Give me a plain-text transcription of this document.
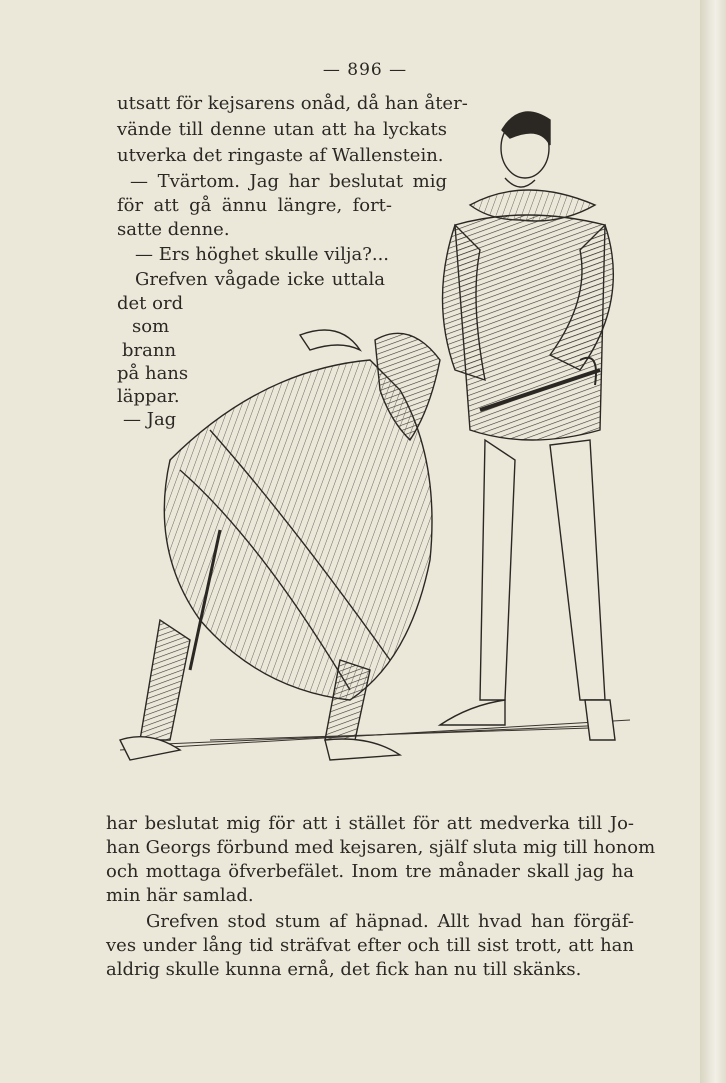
— 896 —
utsatt för kejsarens onåd, då han åter-
vände till denne utan att ha lyckats
utverka det ringaste af Wallenstein.
— Tvärtom. Jag har beslutat mig
för att gå ännu längre, fort-
satte denne.
— Ers höghet skulle vilja?...
Grefven vågade icke uttala
det ord
som
brann
på hans
läppar.
— Jag
har beslutat mig för att i stället för att medverka till Jo-
han Georgs förbund med kejsaren, själf sluta mig till honom
och mottaga öfverbefälet. Inom tre månader skall jag ha
min här samlad.
Grefven stod stum af häpnad. Allt hvad han förgäf-
ves under lång tid sträfvat efter och till sist trott, att han
aldrig skulle kunna ernå, det fick han nu till skänks.
